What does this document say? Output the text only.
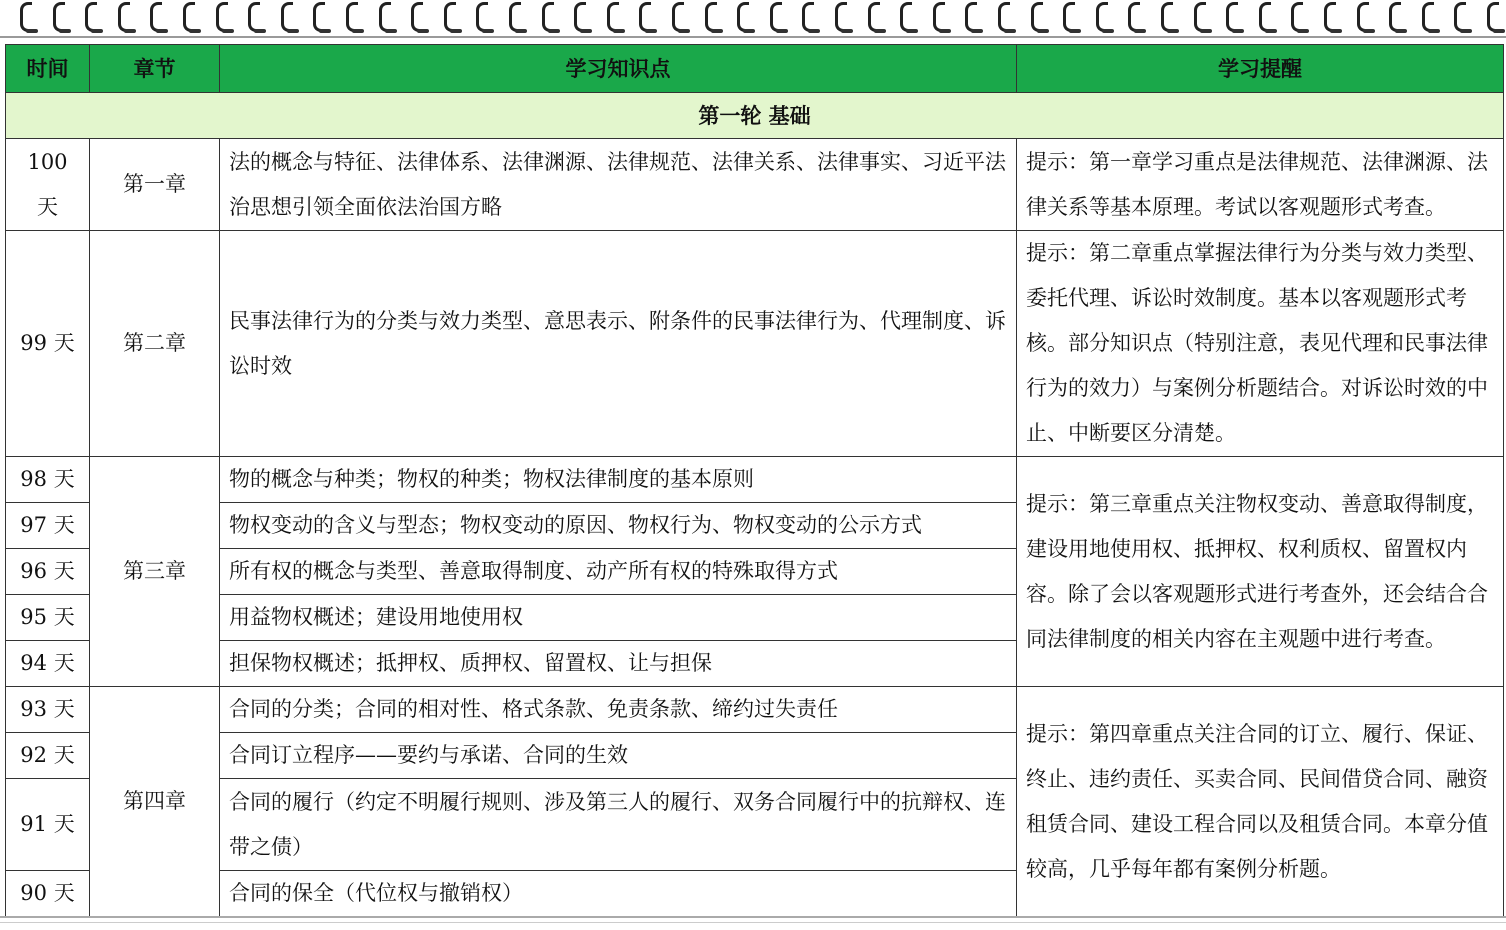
时间	章节	学习知识点	学习提醒
第一轮 基础			
100 天	第一章	法的概念与特征、法律体系、法律渊源、法律规范、法律关系、法律事实、习近平法治思想引领全面依法治国方略	提示：第一章学习重点是法律规范、法律渊源、法律关系等基本原理。考试以客观题形式考查。
99 天	第二章	民事法律行为的分类与效力类型、意思表示、附条件的民事法律行为、代理制度、诉讼时效	提示：第二章重点掌握法律行为分类与效力类型、委托代理、诉讼时效制度。基本以客观题形式考核。部分知识点（特别注意，表见代理和民事法律行为的效力）与案例分析题结合。对诉讼时效的中止、中断要区分清楚。
98 天	第三章	物的概念与种类；物权的种类；物权法律制度的基本原则	提示：第三章重点关注物权变动、善意取得制度，建设用地使用权、抵押权、权利质权、留置权内容。除了会以客观题形式进行考查外，还会结合合同法律制度的相关内容在主观题中进行考查。
97 天		物权变动的含义与型态；物权变动的原因、物权行为、物权变动的公示方式	
96 天		所有权的概念与类型、善意取得制度、动产所有权的特殊取得方式	
95 天		用益物权概述；建设用地使用权	
94 天		担保物权概述；抵押权、质押权、留置权、让与担保	
93 天	第四章	合同的分类；合同的相对性、格式条款、免责条款、缔约过失责任	提示：第四章重点关注合同的订立、履行、保证、终止、违约责任、买卖合同、民间借贷合同、融资租赁合同、建设工程合同以及租赁合同。本章分值较高，几乎每年都有案例分析题。
92 天		合同订立程序——要约与承诺、合同的生效	
91 天		合同的履行（约定不明履行规则、涉及第三人的履行、双务合同履行中的抗辩权、连带之债）	
90 天		合同的保全（代位权与撤销权）	
